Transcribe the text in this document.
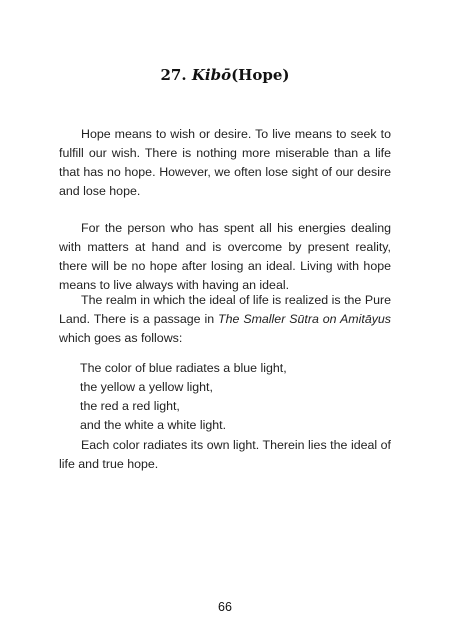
27. Kibō(Hope)

Hope means to wish or desire. To live means to seek to fulfill our wish. There is nothing more miserable than a life that has no hope. However, we often lose sight of our desire and lose hope.

For the person who has spent all his energies dealing with matters at hand and is overcome by present reality, there will be no hope after losing an ideal. Living with hope means to live always with having an ideal.

The realm in which the ideal of life is realized is the Pure Land. There is a passage in The Smaller Sūtra on Amitāyus which goes as follows:

The color of blue radiates a blue light,
the yellow a yellow light,
the red a red light,
and the white a white light.

Each color radiates its own light. Therein lies the ideal of life and true hope.

66
